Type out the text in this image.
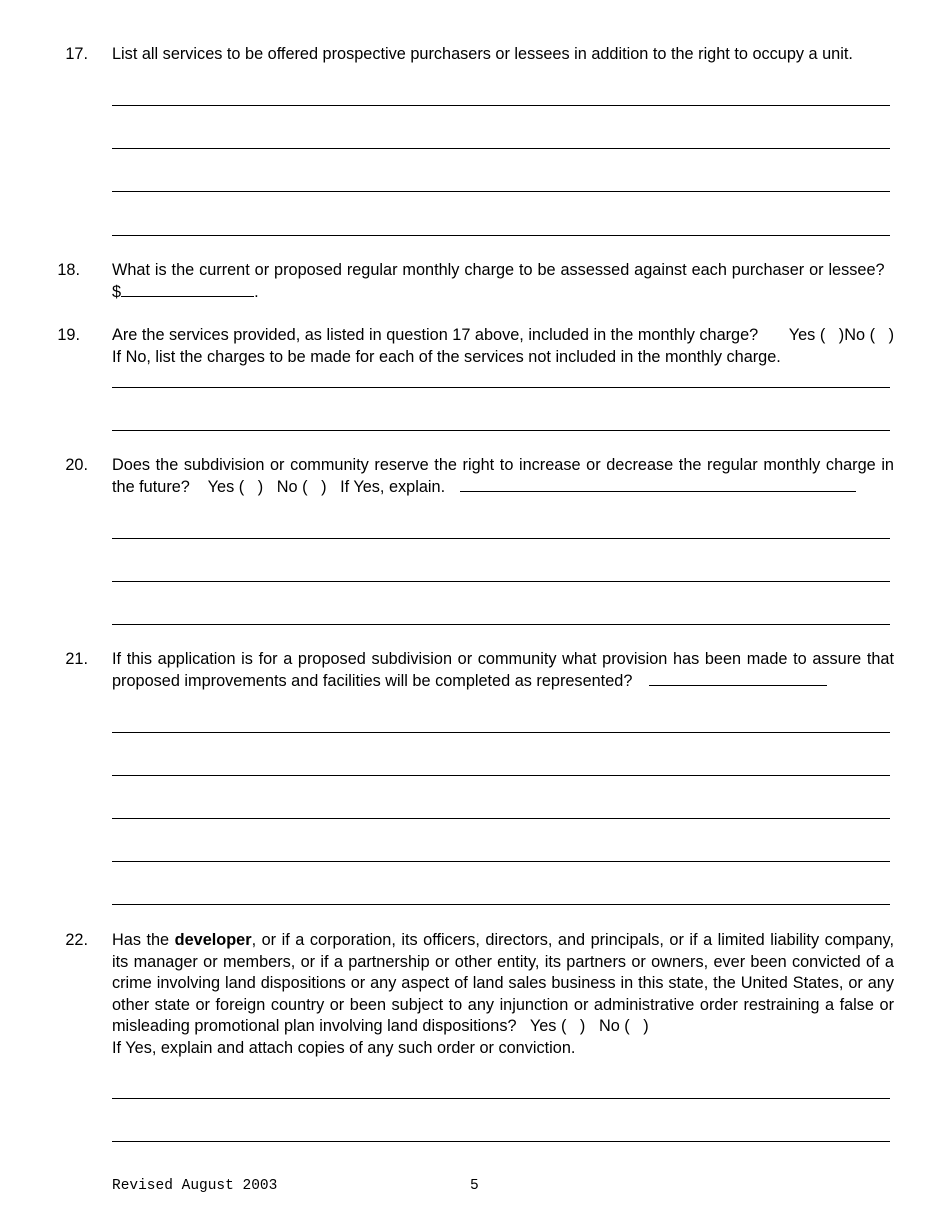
17. List all services to be offered prospective purchasers or lessees in addition to the right to occupy a unit.
18. What is the current or proposed regular monthly charge to be assessed against each purchaser or lessee?   $	.
19. Are the services provided, as listed in question 17 above, included in the monthly charge? Yes (   )No (   )
If No, list the charges to be made for each of the services not included in the monthly charge.
20. Does the subdivision or community reserve the right to increase or decrease the regular monthly charge in the future? Yes (   ) No (   ) If Yes, explain.
21. If this application is for a proposed subdivision or community what provision has been made to assure that proposed improvements and facilities will be completed as represented?
22. Has the developer, or if a corporation, its officers, directors, and principals, or if a limited liability company, its manager or members, or if a partnership or other entity, its partners or owners, ever been convicted of a crime involving land dispositions or any aspect of land sales business in this state, the United States, or any other state or foreign country or been subject to any injunction or administrative order restraining a false or misleading promotional plan involving land dispositions? Yes (   ) No (   )
If Yes, explain and attach copies of any such order or conviction.
Revised August 2003	5
